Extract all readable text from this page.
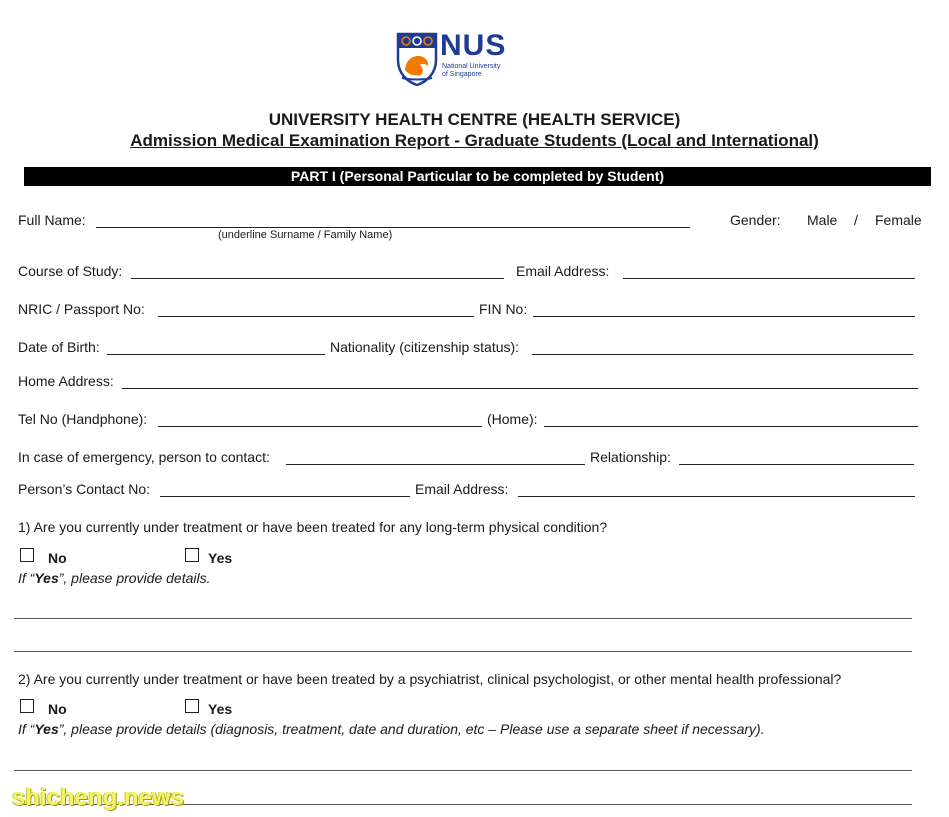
NUS
National University
of Singapore
UNIVERSITY HEALTH CENTRE (HEALTH SERVICE)
Admission Medical Examination Report - Graduate Students (Local and International)
PART I (Personal Particular to be completed by Student)
Full Name:
(underline Surname / Family Name)
Gender: Male / Female
Course of Study:	Email Address:
NRIC / Passport No:	FIN No:
Date of Birth:	Nationality (citizenship status):
Home Address:
Tel No (Handphone):	(Home):
In case of emergency, person to contact:	Relationship:
Person’s Contact No:	Email Address:
1) Are you currently under treatment or have been treated for any long-term physical condition?
No	Yes
If “Yes”, please provide details.
2) Are you currently under treatment or have been treated by a psychiatrist, clinical psychologist, or other mental health professional?
No	Yes
If “Yes”, please provide details (diagnosis, treatment, date and duration, etc – Please use a separate sheet if necessary).
shicheng.news
